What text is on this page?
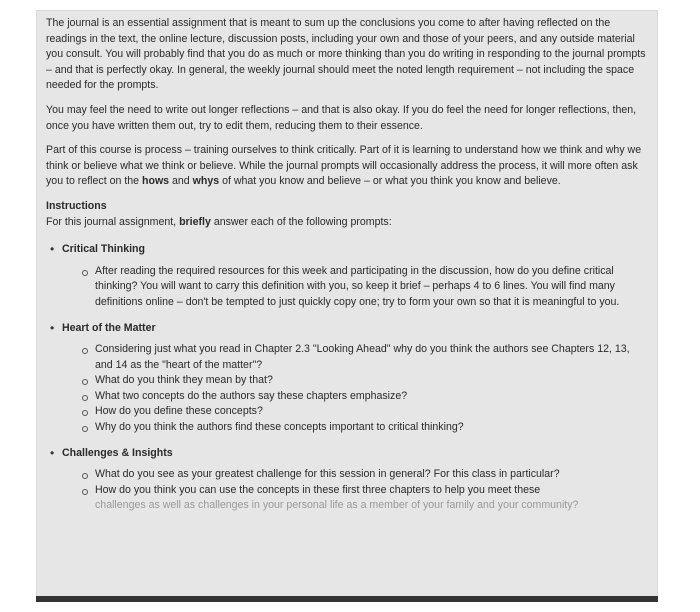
The journal is an essential assignment that is meant to sum up the conclusions you come to after having reflected on the readings in the text, the online lecture, discussion posts, including your own and those of your peers, and any outside material you consult. You will probably find that you do as much or more thinking than you do writing in responding to the journal prompts – and that is perfectly okay. In general, the weekly journal should meet the noted length requirement – not including the space needed for the prompts.

You may feel the need to write out longer reflections – and that is also okay. If you do feel the need for longer reflections, then, once you have written them out, try to edit them, reducing them to their essence.

Part of this course is process – training ourselves to think critically. Part of it is learning to understand how we think and why we think or believe what we think or believe. While the journal prompts will occasionally address the process, it will more often ask you to reflect on the hows and whys of what you know and believe – or what you think you know and believe.

Instructions
For this journal assignment, briefly answer each of the following prompts:
• Critical Thinking
After reading the required resources for this week and participating in the discussion, how do you define critical thinking? You will want to carry this definition with you, so keep it brief – perhaps 4 to 6 lines. You will find many definitions online – don't be tempted to just quickly copy one; try to form your own so that it is meaningful to you.
• Heart of the Matter
Considering just what you read in Chapter 2.3 "Looking Ahead" why do you think the authors see Chapters 12, 13, and 14 as the "heart of the matter"?
What do you think they mean by that?
What two concepts do the authors say these chapters emphasize?
How do you define these concepts?
Why do you think the authors find these concepts important to critical thinking?
• Challenges & Insights
What do you see as your greatest challenge for this session in general? For this class in particular?
How do you think you can use the concepts in these first three chapters to help you meet these
challenges as well as challenges in your personal life as a member of your family and your community?
